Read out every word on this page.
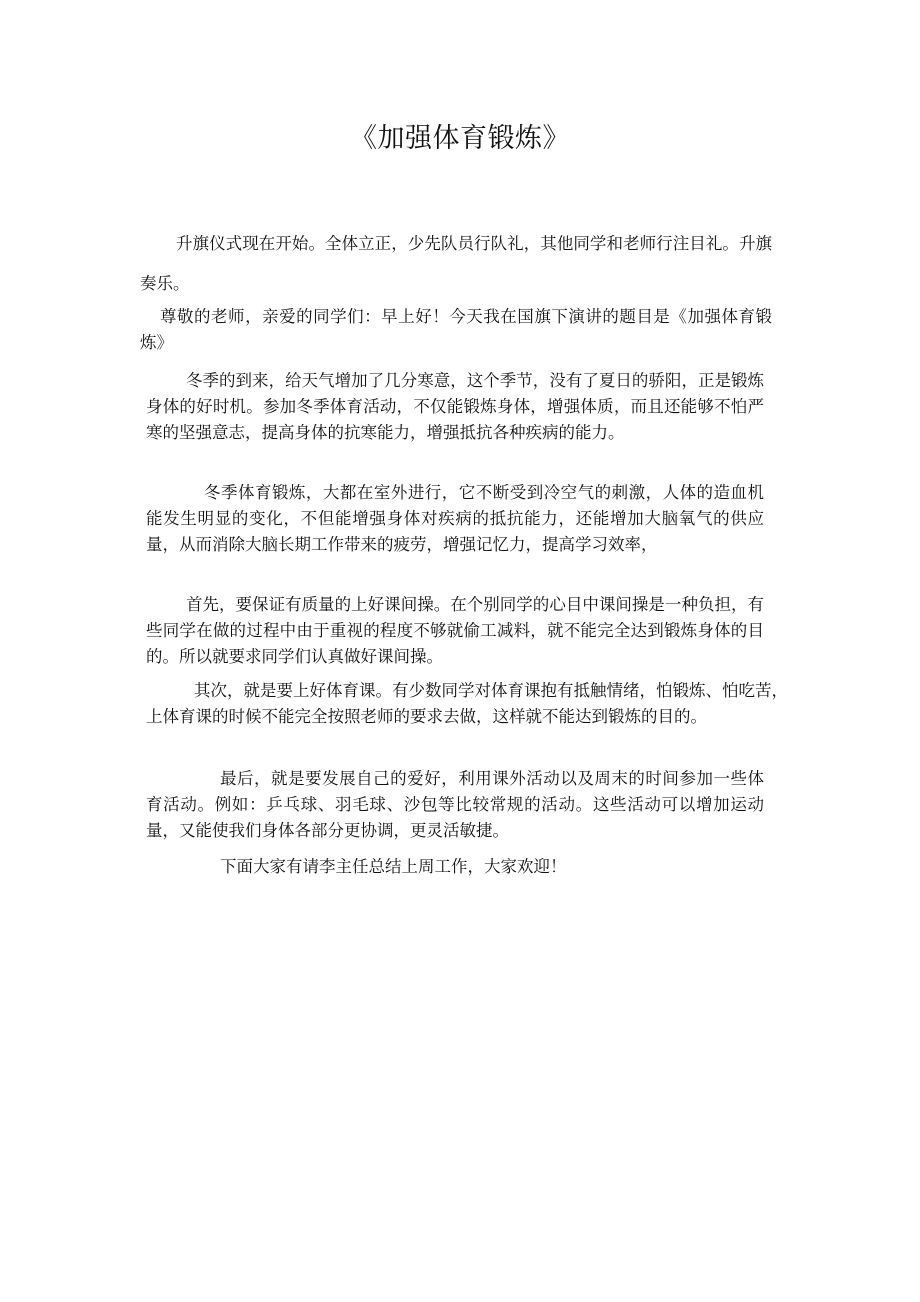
《加强体育锻炼》

升旗仪式现在开始。全体立正，少先队员行队礼，其他同学和老师行注目礼。升旗奏乐。

尊敬的老师，亲爱的同学们：早上好！今天我在国旗下演讲的题目是《加强体育锻炼》

冬季的到来，给天气增加了几分寒意，这个季节，没有了夏日的骄阳，正是锻炼身体的好时机。参加冬季体育活动，不仅能锻炼身体，增强体质，而且还能够不怕严寒的坚强意志，提高身体的抗寒能力，增强抵抗各种疾病的能力。

冬季体育锻炼，大都在室外进行，它不断受到冷空气的刺激，人体的造血机能发生明显的变化，不但能增强身体对疾病的抵抗能力，还能增加大脑氧气的供应量，从而消除大脑长期工作带来的疲劳，增强记忆力，提高学习效率，

首先，要保证有质量的上好课间操。在个别同学的心目中课间操是一种负担，有些同学在做的过程中由于重视的程度不够就偷工减料，就不能完全达到锻炼身体的目的。所以就要求同学们认真做好课间操。

其次，就是要上好体育课。有少数同学对体育课抱有抵触情绪，怕锻炼、怕吃苦，上体育课的时候不能完全按照老师的要求去做，这样就不能达到锻炼的目的。

最后，就是要发展自己的爱好，利用课外活动以及周末的时间参加一些体育活动。例如：乒乓球、羽毛球、沙包等比较常规的活动。这些活动可以增加运动量，又能使我们身体各部分更协调，更灵活敏捷。

下面大家有请李主任总结上周工作，大家欢迎！
